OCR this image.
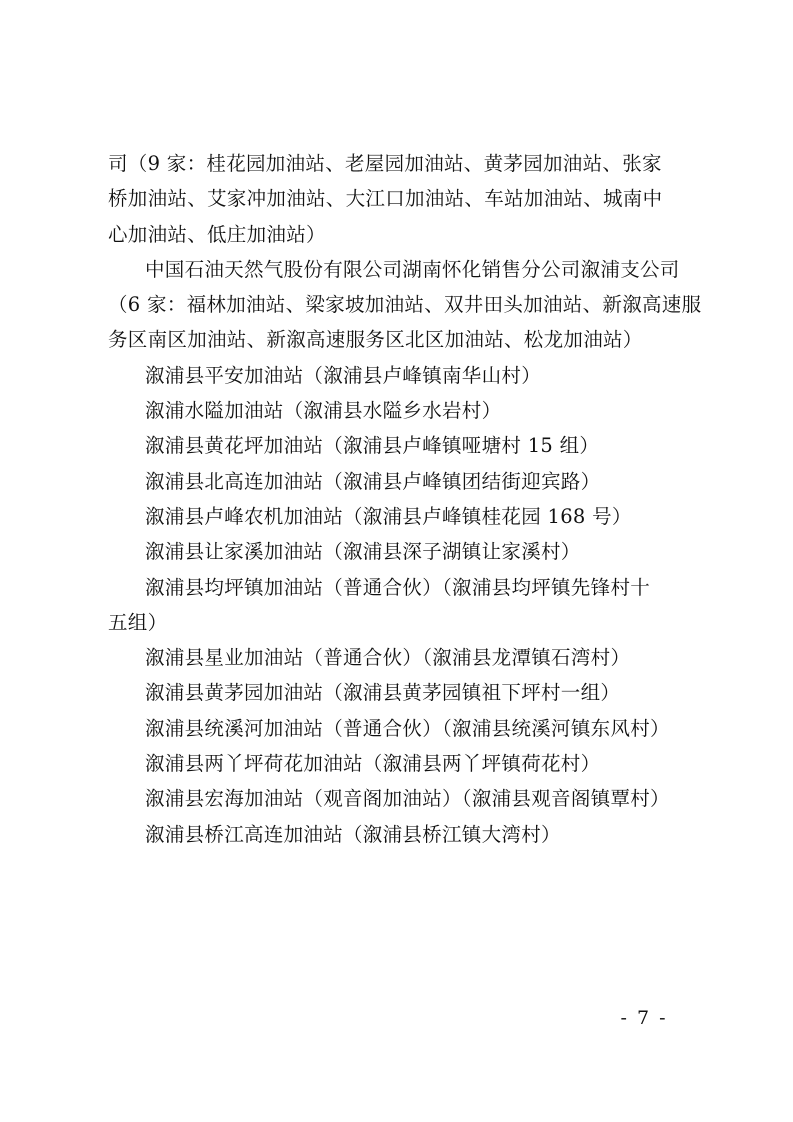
司（9 家：桂花园加油站、老屋园加油站、黄茅园加油站、张家
桥加油站、艾家冲加油站、大江口加油站、车站加油站、城南中
心加油站、低庄加油站）
中国石油天然气股份有限公司湖南怀化销售分公司溆浦支公司
（6 家：福林加油站、梁家坡加油站、双井田头加油站、新溆高速服
务区南区加油站、新溆高速服务区北区加油站、松龙加油站）
溆浦县平安加油站（溆浦县卢峰镇南华山村）
溆浦水隘加油站（溆浦县水隘乡水岩村）
溆浦县黄花坪加油站（溆浦县卢峰镇哑塘村 15 组）
溆浦县北高连加油站（溆浦县卢峰镇团结街迎宾路）
溆浦县卢峰农机加油站（溆浦县卢峰镇桂花园 168 号）
溆浦县让家溪加油站（溆浦县深子湖镇让家溪村）
溆浦县均坪镇加油站（普通合伙）（溆浦县均坪镇先锋村十
五组）
溆浦县星业加油站（普通合伙）（溆浦县龙潭镇石湾村）
溆浦县黄茅园加油站（溆浦县黄茅园镇祖下坪村一组）
溆浦县统溪河加油站（普通合伙）（溆浦县统溪河镇东风村）
溆浦县两丫坪荷花加油站（溆浦县两丫坪镇荷花村）
溆浦县宏海加油站（观音阁加油站）（溆浦县观音阁镇覃村）
溆浦县桥江高连加油站（溆浦县桥江镇大湾村）
- 7 -
